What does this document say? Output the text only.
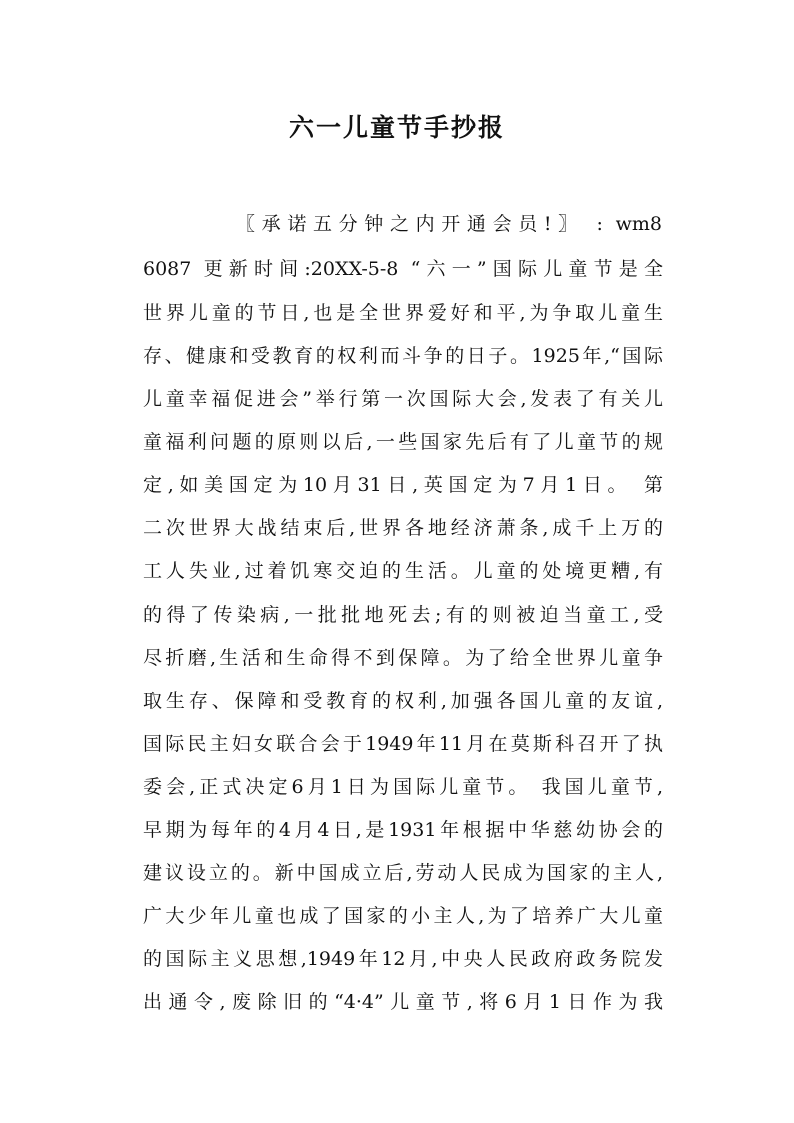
六一儿童节手抄报
〖承诺五分钟之内开通会员!〗 : wm8
6087 更新时间:20XX-5-8 “六一”国际儿童节是全
世界儿童的节日,也是全世界爱好和平,为争取儿童生
存、健康和受教育的权利而斗争的日子。1925年,“国际
儿童幸福促进会”举行第一次国际大会,发表了有关儿
童福利问题的原则以后,一些国家先后有了儿童节的规
定,如美国定为10月31日,英国定为7月1日。 第
二次世界大战结束后,世界各地经济萧条,成千上万的
工人失业,过着饥寒交迫的生活。儿童的处境更糟,有
的得了传染病,一批批地死去;有的则被迫当童工,受
尽折磨,生活和生命得不到保障。为了给全世界儿童争
取生存、保障和受教育的权利,加强各国儿童的友谊,
国际民主妇女联合会于1949年11月在莫斯科召开了执
委会,正式决定6月1日为国际儿童节。 我国儿童节,
早期为每年的4月4日,是1931年根据中华慈幼协会的
建议设立的。新中国成立后,劳动人民成为国家的主人,
广大少年儿童也成了国家的小主人,为了培养广大儿童
的国际主义思想,1949年12月,中央人民政府政务院发
出通令,废除旧的“4·4”儿童节,将6月1日作为我
